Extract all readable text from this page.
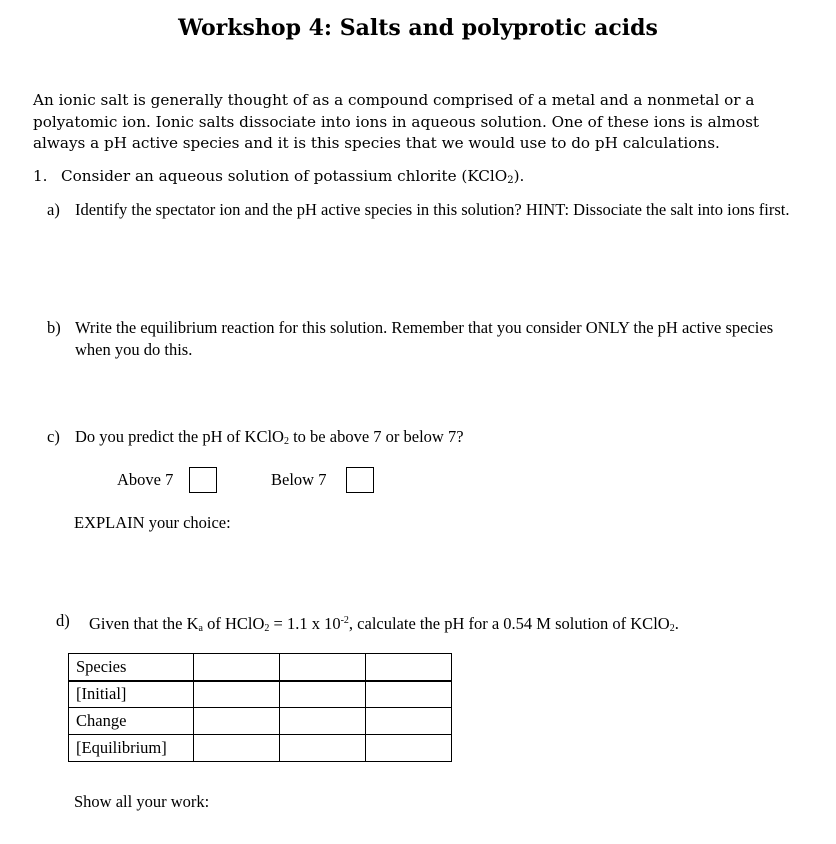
Workshop 4: Salts and polyprotic acids
An ionic salt is generally thought of as a compound comprised of a metal and a nonmetal or a polyatomic ion. Ionic salts dissociate into ions in aqueous solution. One of these ions is almost always a pH active species and it is this species that we would use to do pH calculations.
1. Consider an aqueous solution of potassium chlorite (KClO$_2$).
a) Identify the spectator ion and the pH active species in this solution? HINT: Dissociate the salt into ions first.
b) Write the equilibrium reaction for this solution. Remember that you consider ONLY the pH active species when you do this.
c) Do you predict the pH of KClO$_2$ to be above 7 or below 7?
Above 7	Below 7
EXPLAIN your choice:
d) Given that the $K_a$ of HClO$_2$ = 1.1 x $10^{-2}$, calculate the pH for a 0.54 M solution of KClO$_2$.
Species			
[Initial]			
Change			
[Equilibrium]			
Show all your work:
